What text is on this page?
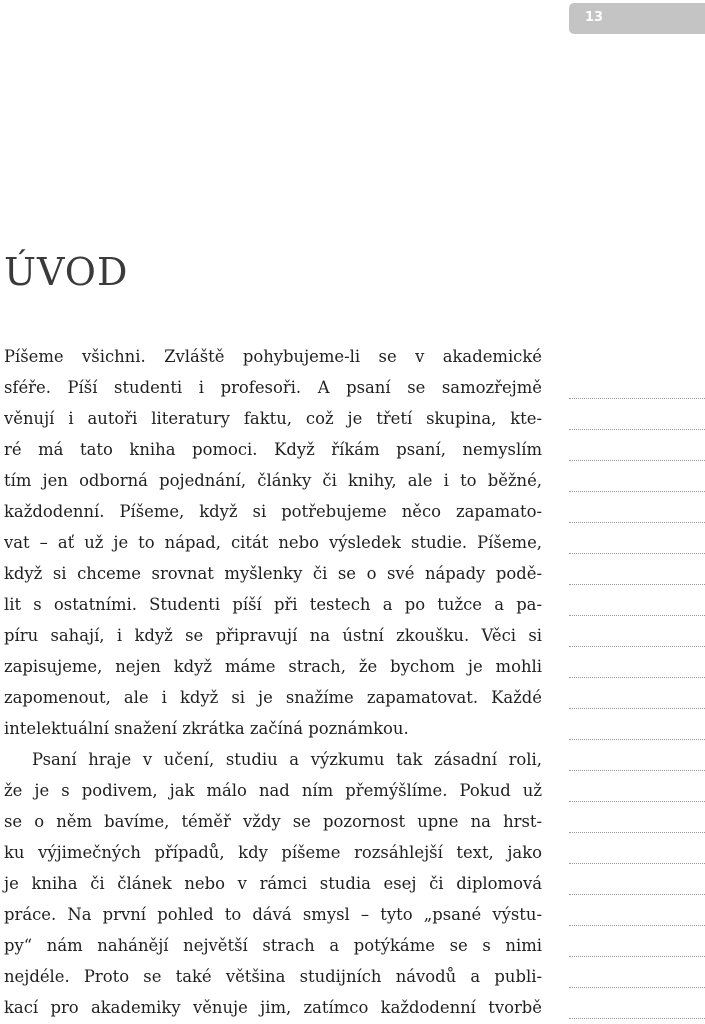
13
ÚVOD
Píšeme všichni. Zvláště pohybujeme-li se v akademické
sféře. Píší studenti i profesoři. A psaní se samozřejmě
věnují i autoři literatury faktu, což je třetí skupina, kte-
ré má tato kniha pomoci. Když říkám psaní, nemyslím
tím jen odborná pojednání, články či knihy, ale i to běžné,
každodenní. Píšeme, když si potřebujeme něco zapamato-
vat – ať už je to nápad, citát nebo výsledek studie. Píšeme,
když si chceme srovnat myšlenky či se o své nápady podě-
lit s ostatními. Studenti píší při testech a po tužce a pa-
píru sahají, i když se připravují na ústní zkoušku. Věci si
zapisujeme, nejen když máme strach, že bychom je mohli
zapomenout, ale i když si je snažíme zapamatovat. Každé
intelektuální snažení zkrátka začíná poznámkou.
Psaní hraje v učení, studiu a výzkumu tak zásadní roli,
že je s podivem, jak málo nad ním přemýšlíme. Pokud už
se o něm bavíme, téměř vždy se pozornost upne na hrst-
ku výjimečných případů, kdy píšeme rozsáhlejší text, jako
je kniha či článek nebo v rámci studia esej či diplomová
práce. Na první pohled to dává smysl – tyto „psané výstu-
py“ nám nahánějí největší strach a potýkáme se s nimi
nejdéle. Proto se také většina studijních návodů a publi-
kací pro akademiky věnuje jim, zatímco každodenní tvorbě
